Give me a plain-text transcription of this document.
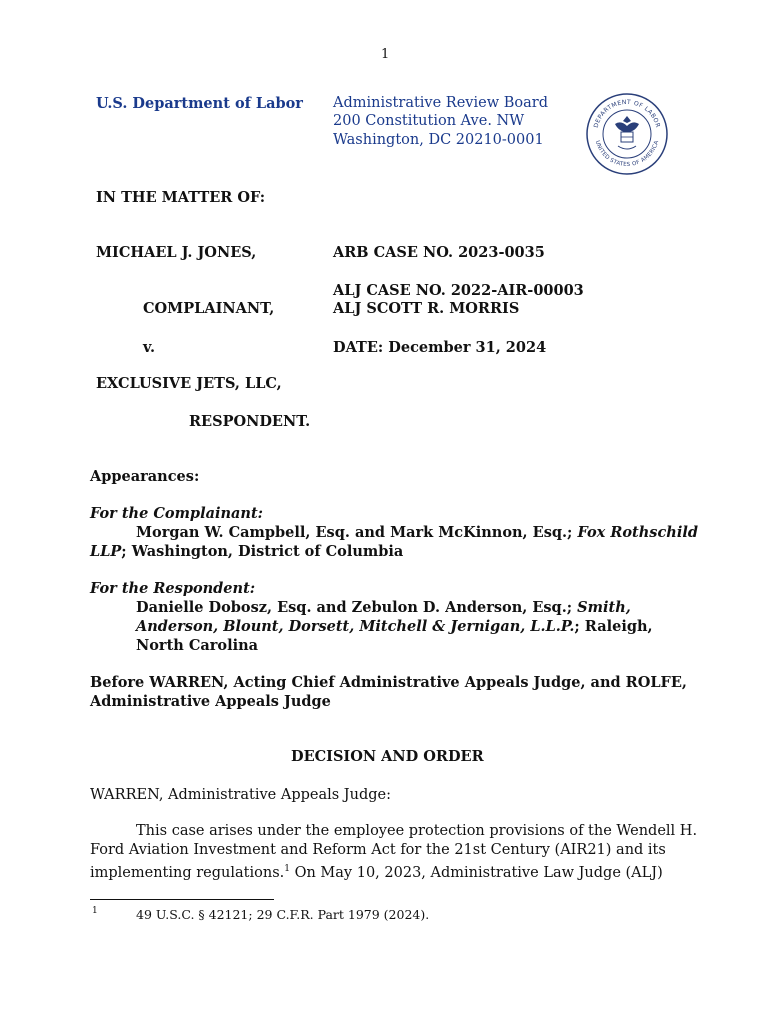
1
U.S. Department of Labor Administrative Review Board
200 Constitution Ave. NW
Washington, DC 20210-0001
DEPARTMENT OF LABOR
UNITED STATES OF AMERICA
IN THE MATTER OF:
MICHAEL J. JONES,	ARB CASE NO. 2023-0035
ALJ CASE NO. 2022-AIR-00003
ALJ SCOTT R. MORRIS
COMPLAINANT,
v.	DATE: December 31, 2024
EXCLUSIVE JETS, LLC,
RESPONDENT.
Appearances:
For the Complainant:
Morgan W. Campbell, Esq. and Mark McKinnon, Esq.; Fox Rothschild
LLP; Washington, District of Columbia
For the Respondent:
Danielle Dobosz, Esq. and Zebulon D. Anderson, Esq.; Smith,
Anderson, Blount, Dorsett, Mitchell & Jernigan, L.L.P.; Raleigh,
North Carolina
Before WARREN, Acting Chief Administrative Appeals Judge, and ROLFE,
Administrative Appeals Judge
DECISION AND ORDER
WARREN, Administrative Appeals Judge:
This case arises under the employee protection provisions of the Wendell H.
Ford Aviation Investment and Reform Act for the 21st Century (AIR21) and its
implementing regulations.$^1$ On May 10, 2023, Administrative Law Judge (ALJ)
1	49 U.S.C. § 42121; 29 C.F.R. Part 1979 (2024).
